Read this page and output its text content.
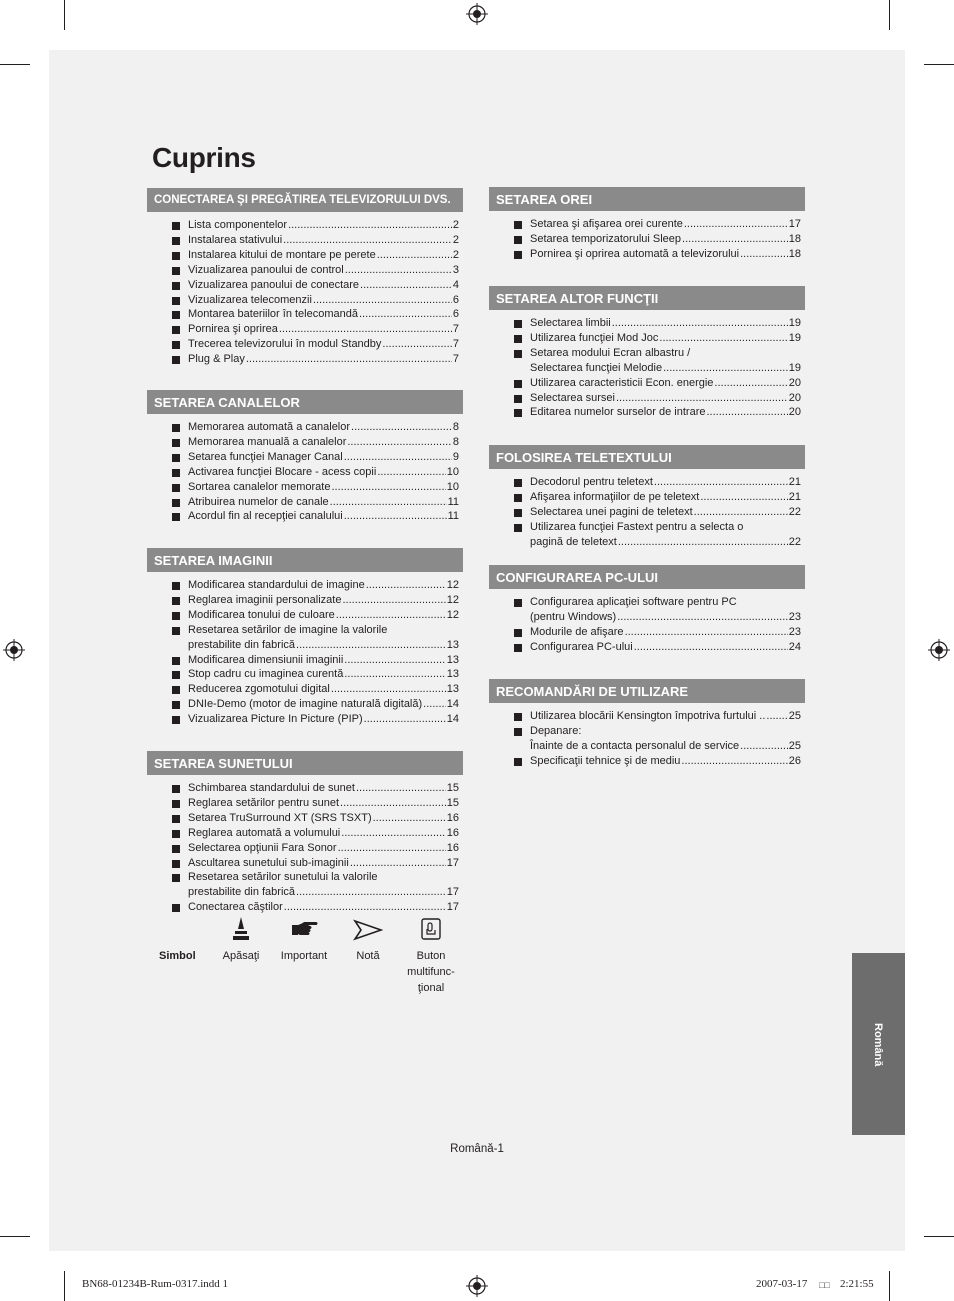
Cuprins
CONECTAREA ŞI PREGĂTIREA TELEVIZORULUI DVS.
Lista componentelor .....	2
Instalarea stativului .....	2
Instalarea kitului de montare pe perete .....	2
Vizualizarea panoului de control .....	3
Vizualizarea panoului de conectare .....	4
Vizualizarea telecomenzii .....	6
Montarea bateriilor în telecomandă .....	6
Pornirea şi oprirea .....	7
Trecerea televizorului în modul Standby .....	7
Plug & Play .....	7
SETAREA CANALELOR
Memorarea automată a canalelor .....	8
Memorarea manuală a canalelor .....	8
Setarea funcţiei Manager Canal .....	9
Activarea funcţiei Blocare - acess copii .....	10
Sortarea canalelor memorate .....	10
Atribuirea numelor de canale .....	11
Acordul fin al recepţiei canalului .....	11
SETAREA IMAGINII
Modificarea standardului de imagine .....	12
Reglarea imaginii personalizate .....	12
Modificarea tonului de culoare .....	12
Resetarea setărilor de imagine la valorile
prestabilite din fabrică .....	13
Modificarea dimensiunii imaginii .....	13
Stop cadru cu imaginea curentă .....	13
Reducerea zgomotului digital .....	13
DNIe-Demo (motor de imagine naturală digitală) ..... 14
Vizualizarea Picture In Picture (PIP) .....	14
SETAREA SUNETULUI
Schimbarea standardului de sunet .....	15
Reglarea setărilor pentru sunet .....	15
Setarea TruSurround XT (SRS TSXT) .....	16
Reglarea automată a volumului .....	16
Selectarea opţiunii Fara Sonor .....	16
Ascultarea sunetului sub-imaginii .....	17
Resetarea setărilor sunetului la valorile
prestabilite din fabrică .....	17
Conectarea căştilor .....	17
SETAREA OREI
Setarea şi afişarea orei curente .....	17
Setarea temporizatorului Sleep .....	18
Pornirea şi oprirea automată a televizorului .....	18
SETAREA ALTOR FUNCŢII
Selectarea limbii .....	19
Utilizarea funcţiei Mod Joc .....	19
Setarea modului Ecran albastru /
Selectarea funcţiei Melodie .....	19
Utilizarea caracteristicii Econ. energie .....	20
Selectarea sursei .....	20
Editarea numelor surselor de intrare .....	20
FOLOSIREA TELETEXTULUI
Decodorul pentru teletext .....	21
Afişarea informaţiilor de pe teletext .....	21
Selectarea unei pagini de teletext .....	22
Utilizarea funcţiei Fastext pentru a selecta o
pagină de teletext .....	22
CONFIGURAREA PC-ULUI
Configurarea aplicaţiei software pentru PC
(pentru Windows) .....	23
Modurile de afişare .....	23
Configurarea PC-ului .....	24
RECOMANDĂRI DE UTILIZARE
Utilizarea blocării Kensington împotriva furtului .. ..... 25
Depanare:
Înainte de a contacta personalul de service .....	25
Specificaţii tehnice şi de mediu .....	26
Simbol	Apăsaţi	Important	Notă	Buton
multifunc-
ţional
Română
Română-1
BN68-01234B-Rum-0317.indd 1	2007-03-17 □□ 2:21:55
